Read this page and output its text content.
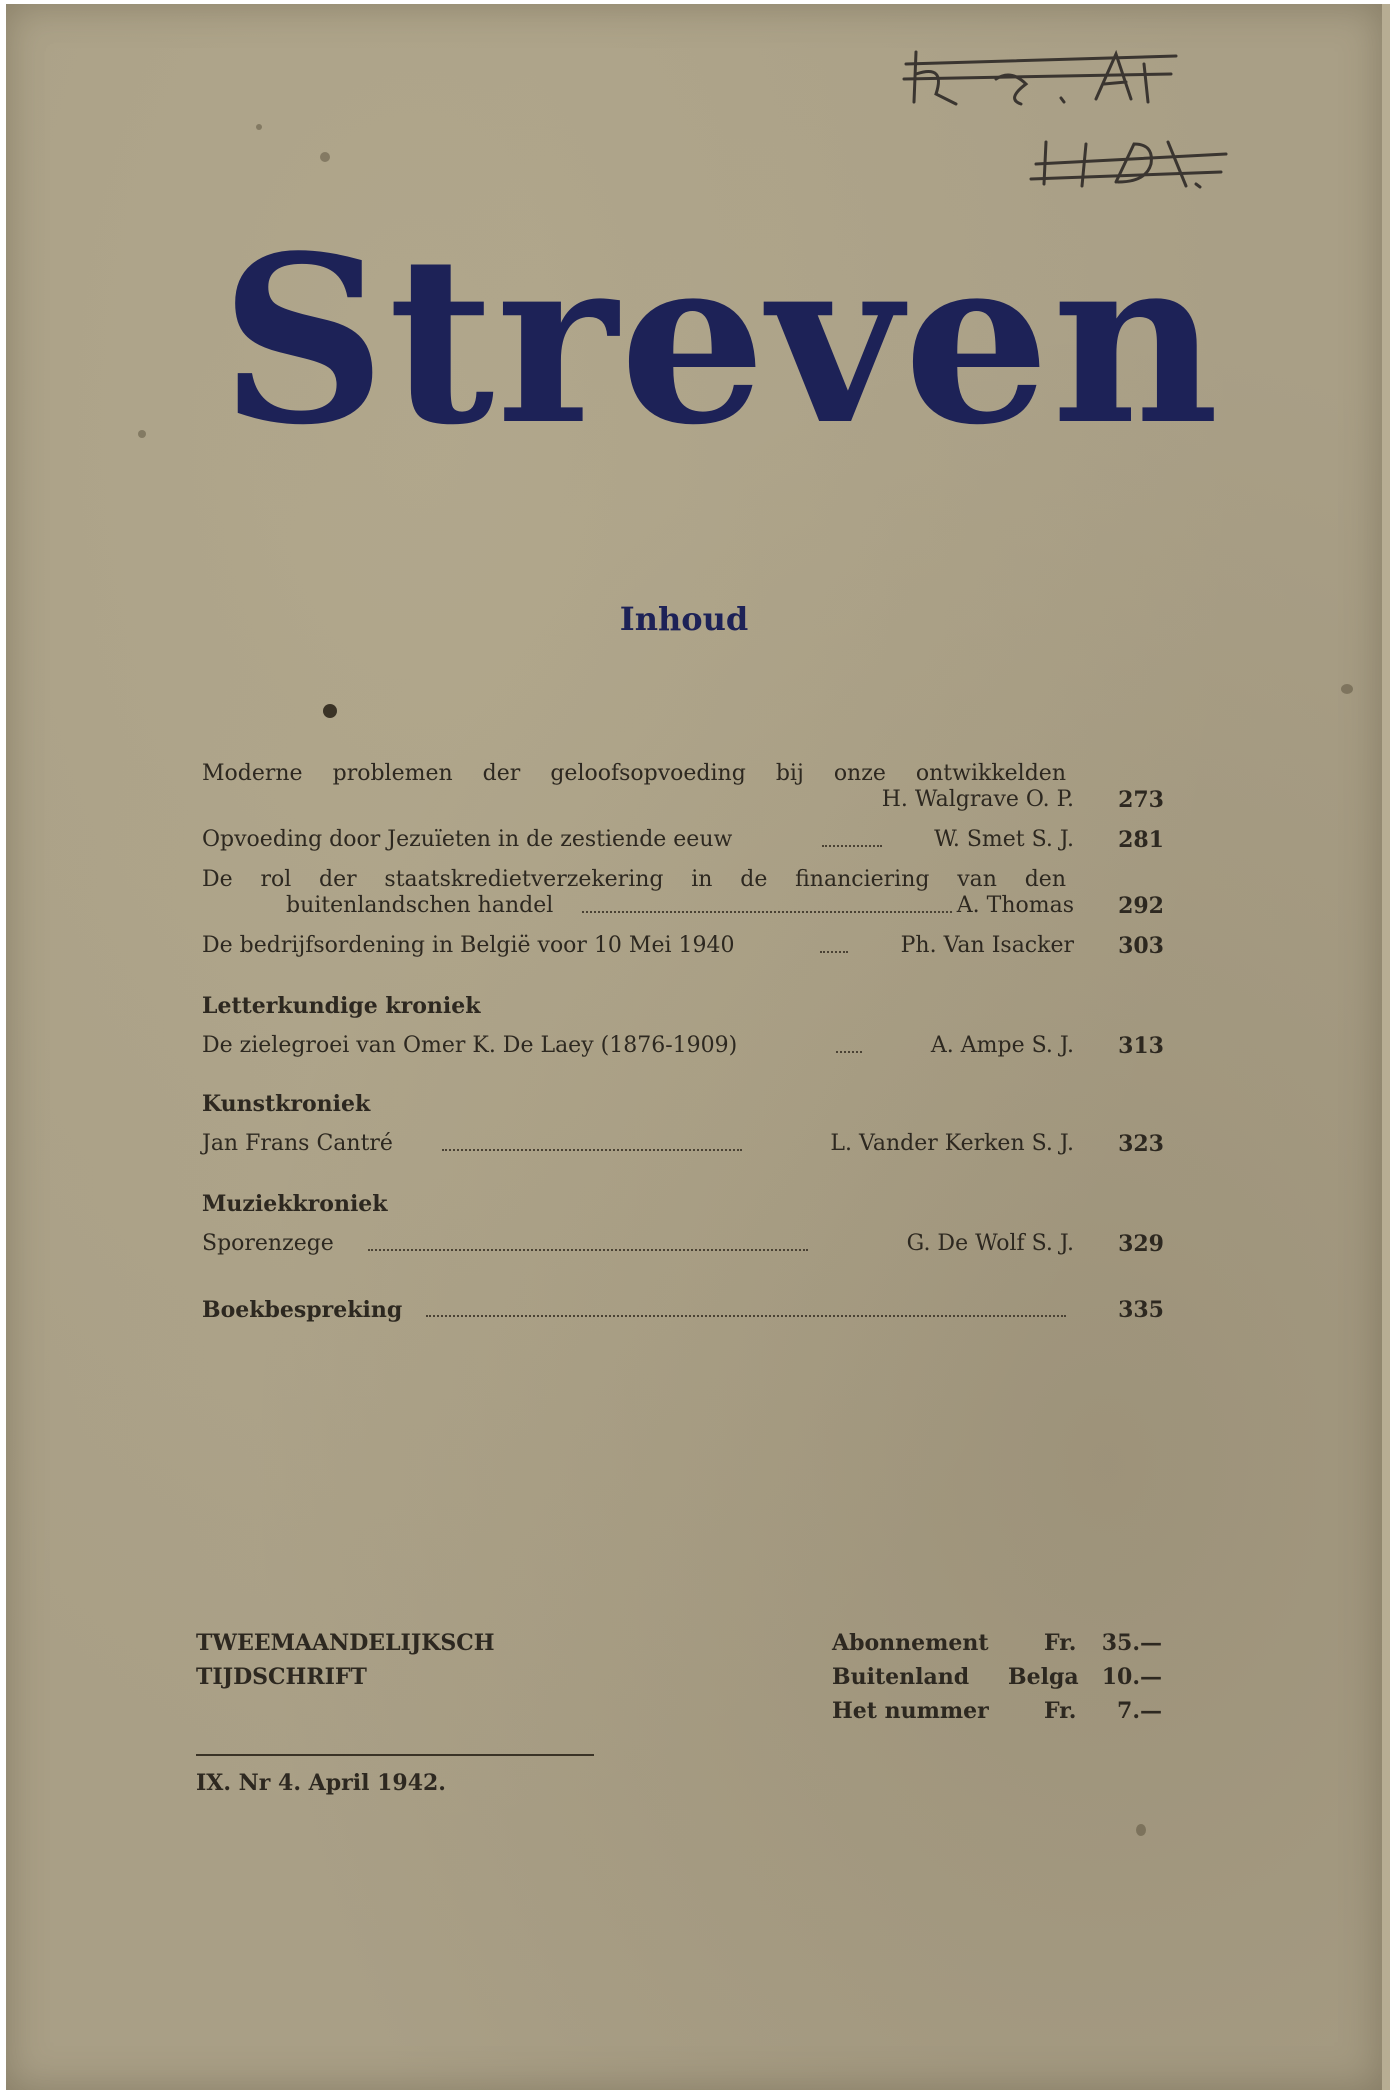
Streven
Inhoud
Moderne problemen der geloofsopvoeding bij onze ontwikkelden
H. Walgrave O. P.	273
Opvoeding door Jezuïeten in de zestiende eeuw	W. Smet S. J.	281
De rol der staatskredietverzekering in de financiering van den
buitenlandschen handel	A. Thomas	292
De bedrijfsordening in België voor 10 Mei 1940	Ph. Van Isacker	303
Letterkundige kroniek
De zielegroei van Omer K. De Laey (1876-1909)	A. Ampe S. J.	313
Kunstkroniek
Jan Frans Cantré	L. Vander Kerken S. J.	323
Muziekkroniek
Sporenzege	G. De Wolf S. J.	329
Boekbespreking	335
TWEEMAANDELIJKSCH
TIJDSCHRIFT
IX. Nr 4. April 1942.
Abonnement	Fr. 35.—
Buitenland Belga 10.—
Het nummer	Fr. 7.—
